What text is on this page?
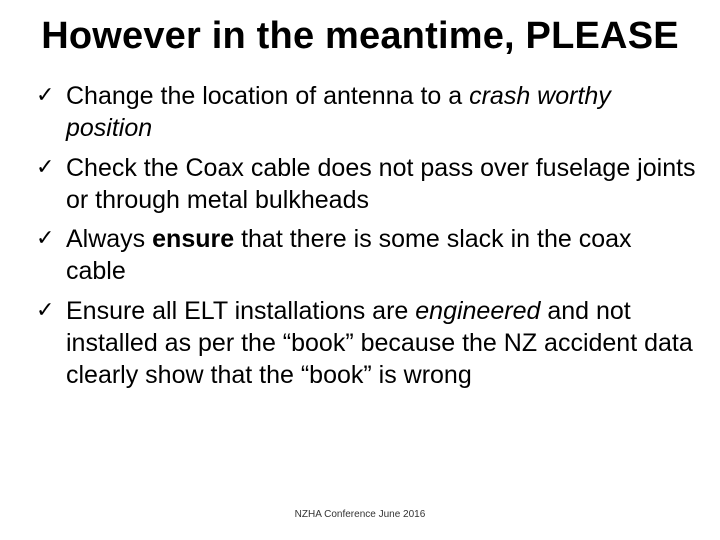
However in the meantime, PLEASE
✓ Change the location of antenna to a crash worthy position
✓ Check the Coax cable does not pass over fuselage joints or through metal bulkheads
✓ Always ensure that there is some slack in the coax cable
✓ Ensure all ELT installations are engineered and not installed as per the “book” because the NZ accident data clearly show that the “book” is wrong
NZHA Conference June 2016
